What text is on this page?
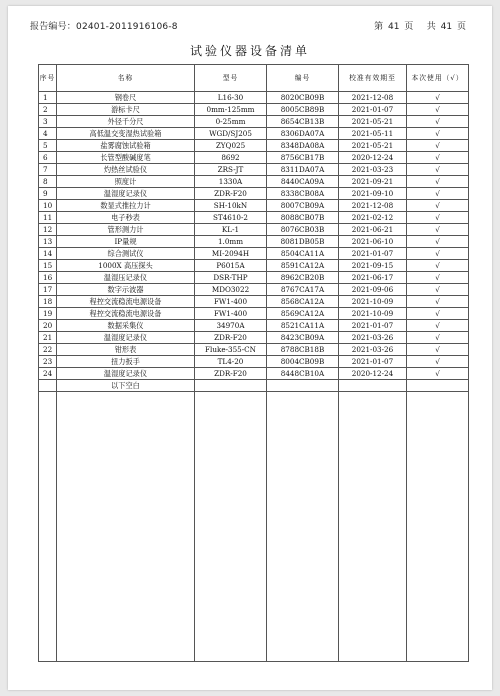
报告编号：02401-2011916106-8	第 41 页 共 41 页
试验仪器设备清单
序号	名称	型号	编号	校准有效期至	本次使用（√）
1	钢卷尺	L16-30	8020CB09B	2021-12-08	√
2	游标卡尺	0mm-125mm	8005CB89B	2021-01-07	√
3	外径千分尺	0-25mm	8654CB13B	2021-05-21	√
4	高低温交变湿热试验箱	WGD/SJ205	8306DA07A	2021-05-11	√
5	盐雾腐蚀试验箱	ZYQ025	8348DA08A	2021-05-21	√
6	长管型酸碱度笔	8692	8756CB17B	2020-12-24	√
7	灼热丝试验仪	ZRS-JT	8311DA07A	2021-03-23	√
8	照度计	1330A	8440CA09A	2021-09-21	√
9	温湿度记录仪	ZDR-F20	8338CB08A	2021-09-10	√
10	数显式推拉力计	SH-10kN	8007CB09A	2021-12-08	√
11	电子秒表	ST4610-2	8088CB07B	2021-02-12	√
12	管形测力计	KL-1	8076CB03B	2021-06-21	√
13	IP量规	1.0mm	8081DB05B	2021-06-10	√
14	综合测试仪	MI-2094H	8504CA11A	2021-01-07	√
15	1000X 高压探头	P6015A	8591CA12A	2021-09-15	√
16	温湿压记录仪	DSR-THP	8962CB20B	2021-06-17	√
17	数字示波器	MDO3022	8767CA17A	2021-09-06	√
18	程控交流稳流电源设备	FW1-400	8568CA12A	2021-10-09	√
19	程控交流稳流电源设备	FW1-400	8569CA12A	2021-10-09	√
20	数据采集仪	34970A	8521CA11A	2021-01-07	√
21	温湿度记录仪	ZDR-F20	8423CB09A	2021-03-26	√
22	钳形表	Fluke-355-CN	8788CB18B	2021-03-26	√
23	扭力扳手	TL4-20	8004CB09B	2021-01-07	√
24	温湿度记录仪	ZDR-F20	8448CB10A	2020-12-24	√
	以下空白				
